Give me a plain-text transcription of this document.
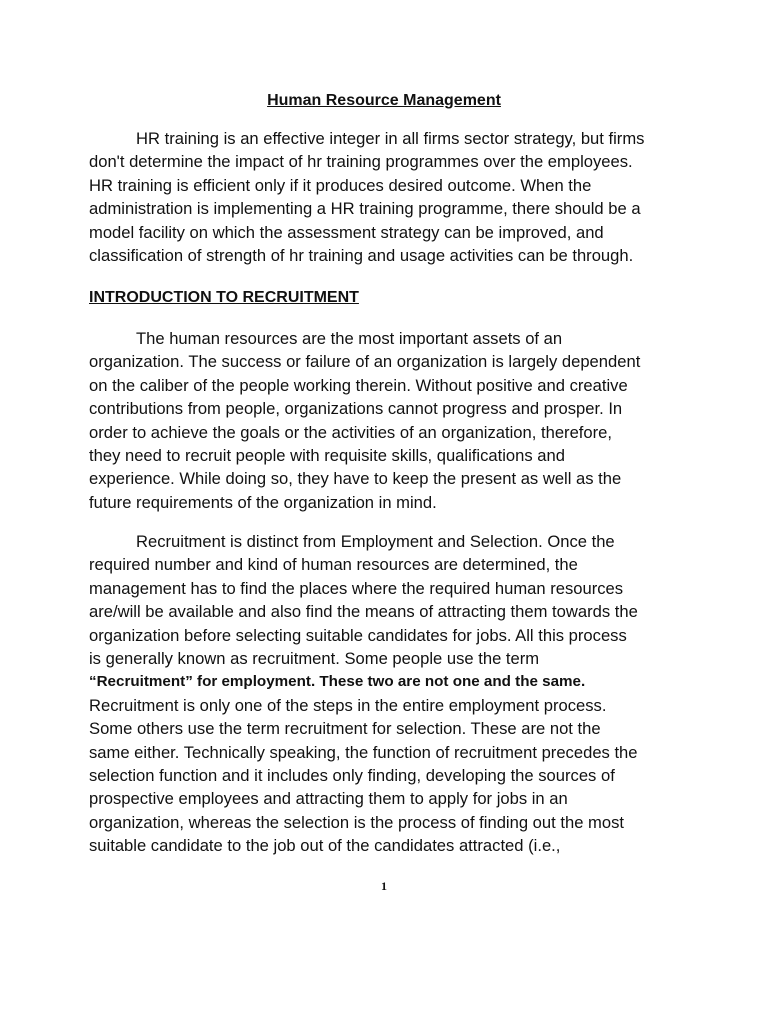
Human Resource Management
HR training is an effective integer in all firms sector strategy, but firms
don't determine the impact of hr training programmes over the employees.
HR training is efficient only if it produces desired outcome. When the
administration is implementing a HR training programme, there should be a
model facility on which the assessment strategy can be improved, and
classification of strength of hr training and usage activities can be through.
INTRODUCTION TO RECRUITMENT
The human resources are the most important assets of an
organization. The success or failure of an organization is largely dependent
on the caliber of the people working therein. Without positive and creative
contributions from people, organizations cannot progress and prosper. In
order to achieve the goals or the activities of an organization, therefore,
they need to recruit people with requisite skills, qualifications and
experience. While doing so, they have to keep the present as well as the
future requirements of the organization in mind.
Recruitment is distinct from Employment and Selection. Once the
required number and kind of human resources are determined, the
management has to find the places where the required human resources
are/will be available and also find the means of attracting them towards the
organization before selecting suitable candidates for jobs. All this process
is generally known as recruitment. Some people use the term
“Recruitment” for employment. These two are not one and the same.
Recruitment is only one of the steps in the entire employment process.
Some others use the term recruitment for selection. These are not the
same either. Technically speaking, the function of recruitment precedes the
selection function and it includes only finding, developing the sources of
prospective employees and attracting them to apply for jobs in an
organization, whereas the selection is the process of finding out the most
suitable candidate to the job out of the candidates attracted (i.e.,
1
